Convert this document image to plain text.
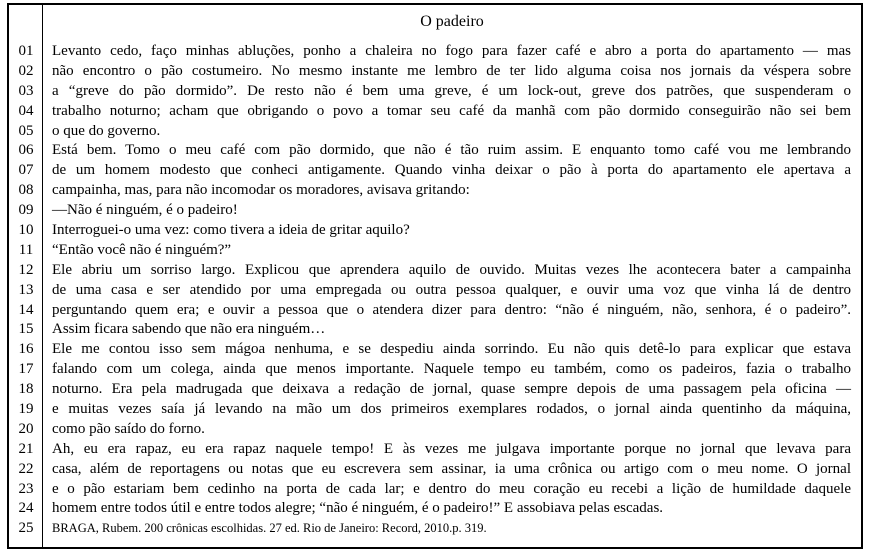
O padeiro
01	Levanto cedo, faço minhas abluções, ponho a chaleira no fogo para fazer café e abro a porta do apartamento — mas
02	não encontro o pão costumeiro. No mesmo instante me lembro de ter lido alguma coisa nos jornais da véspera sobre
03	a “greve do pão dormido”. De resto não é bem uma greve, é um lock-out, greve dos patrões, que suspenderam o
04	trabalho noturno; acham que obrigando o povo a tomar seu café da manhã com pão dormido conseguirão não sei bem
05	o que do governo.
06	Está bem. Tomo o meu café com pão dormido, que não é tão ruim assim. E enquanto tomo café vou me lembrando
07	de um homem modesto que conheci antigamente. Quando vinha deixar o pão à porta do apartamento ele apertava a
08	campainha, mas, para não incomodar os moradores, avisava gritando:
09	—Não é ninguém, é o padeiro!
10	Interroguei-o uma vez: como tivera a ideia de gritar aquilo?
11	“Então você não é ninguém?”
12	Ele abriu um sorriso largo. Explicou que aprendera aquilo de ouvido. Muitas vezes lhe acontecera bater a campainha
13	de uma casa e ser atendido por uma empregada ou outra pessoa qualquer, e ouvir uma voz que vinha lá de dentro
14	perguntando quem era; e ouvir a pessoa que o atendera dizer para dentro: “não é ninguém, não, senhora, é o padeiro”.
15	Assim ficara sabendo que não era ninguém…
16	Ele me contou isso sem mágoa nenhuma, e se despediu ainda sorrindo. Eu não quis detê-lo para explicar que estava
17	falando com um colega, ainda que menos importante. Naquele tempo eu também, como os padeiros, fazia o trabalho
18	noturno. Era pela madrugada que deixava a redação de jornal, quase sempre depois de uma passagem pela oficina —
19	e muitas vezes saía já levando na mão um dos primeiros exemplares rodados, o jornal ainda quentinho da máquina,
20	como pão saído do forno.
21	Ah, eu era rapaz, eu era rapaz naquele tempo! E às vezes me julgava importante porque no jornal que levava para
22	casa, além de reportagens ou notas que eu escrevera sem assinar, ia uma crônica ou artigo com o meu nome. O jornal
23	e o pão estariam bem cedinho na porta de cada lar; e dentro do meu coração eu recebi a lição de humildade daquele
24	homem entre todos útil e entre todos alegre; “não é ninguém, é o padeiro!” E assobiava pelas escadas.
25	BRAGA, Rubem. 200 crônicas escolhidas. 27 ed. Rio de Janeiro: Record, 2010.p. 319.
